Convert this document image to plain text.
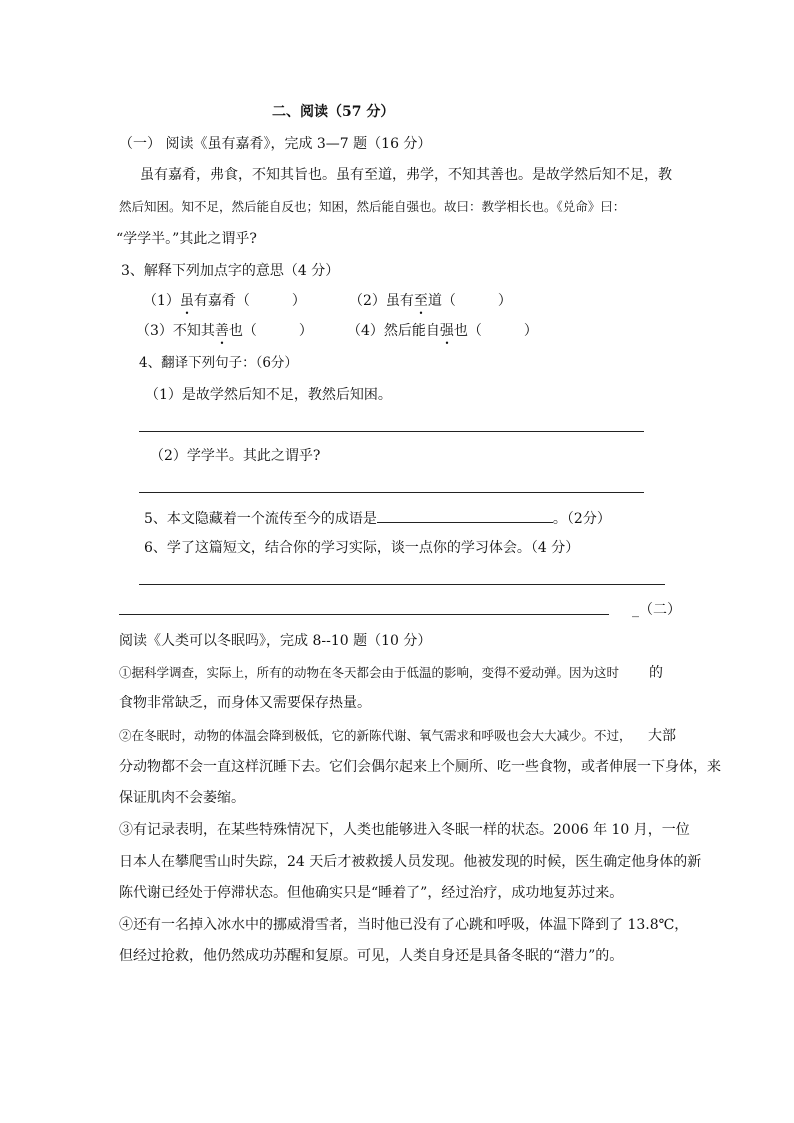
二、阅读（57 分）
（一） 阅读《虽有嘉肴》，完成 3—7 题（16 分）
虽有嘉肴，弗食，不知其旨也。虽有至道，弗学，不知其善也。是故学然后知不足，教
然后知困。知不足，然后能自反也；知困，然后能自强也。故曰：教学相长也。《兑命》曰：
“学学半。”其此之谓乎?
3、解释下列加点字的意思（4 分）
（1）虽有嘉肴（　　　）	（2）虽有至道（　　　）
（3）不知其善也（　　　） （4）然后能自强也（　　　）
4、翻译下列句子：（6分）
（1）是故学然后知不足，教然后知困。
（2）学学半。其此之谓乎?
5、本文隐藏着一个流传至今的成语是	。（2分）
6、学了这篇短文，结合你的学习实际，谈一点你的学习体会。（4 分）
_（二）
阅读《人类可以冬眠吗》，完成 8--10 题（10 分）
①据科学调查，实际上，所有的动物在冬天都会由于低温的影响，变得不爱动弹。因为这时 的
食物非常缺乏，而身体又需要保存热量。
②在冬眠时，动物的体温会降到极低，它的新陈代谢、氧气需求和呼吸也会大大减少。不过， 大部
分动物都不会一直这样沉睡下去。它们会偶尔起来上个厕所、吃一些食物，或者伸展一下身体，来
保证肌肉不会萎缩。
③有记录表明，在某些特殊情况下，人类也能够进入冬眠一样的状态。2006 年 10 月，一位
日本人在攀爬雪山时失踪，24 天后才被救援人员发现。他被发现的时候，医生确定他身体的新
陈代谢已经处于停滞状态。但他确实只是“睡着了”，经过治疗，成功地复苏过来。
④还有一名掉入冰水中的挪威滑雪者，当时他已没有了心跳和呼吸，体温下降到了 13.8℃，
但经过抢救，他仍然成功苏醒和复原。可见，人类自身还是具备冬眠的“潜力”的。
